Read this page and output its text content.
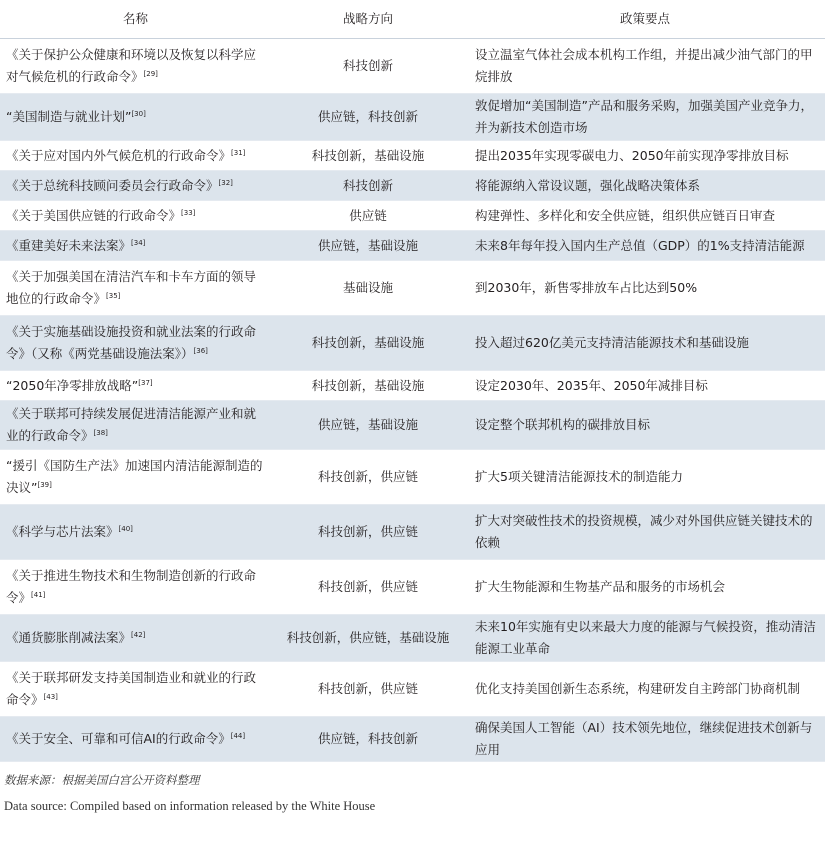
名称	战略方向	政策要点
《关于保护公众健康和环境以及恢复以科学应对气候危机的行政命令》[29]	科技创新	设立温室气体社会成本机构工作组，并提出减少油气部门的甲烷排放
“美国制造与就业计划”[30]	供应链，科技创新	敦促增加“美国制造”产品和服务采购，加强美国产业竞争力，并为新技术创造市场
《关于应对国内外气候危机的行政命令》[31]	科技创新，基础设施	提出2035年实现零碳电力、2050年前实现净零排放目标
《关于总统科技顾问委员会行政命令》[32]	科技创新	将能源纳入常设议题，强化战略决策体系
《关于美国供应链的行政命令》[33]	供应链	构建弹性、多样化和安全供应链，组织供应链百日审查
《重建美好未来法案》[34]	供应链，基础设施	未来8年每年投入国内生产总值（GDP）的1%支持清洁能源
《关于加强美国在清洁汽车和卡车方面的领导地位的行政命令》[35]	基础设施	到2030年，新售零排放车占比达到50%
《关于实施基础设施投资和就业法案的行政命令》（又称《两党基础设施法案》）[36]	科技创新，基础设施	投入超过620亿美元支持清洁能源技术和基础设施
“2050年净零排放战略”[37]	科技创新，基础设施	设定2030年、2035年、2050年减排目标
《关于联邦可持续发展促进清洁能源产业和就业的行政命令》[38]	供应链，基础设施	设定整个联邦机构的碳排放目标
“援引《国防生产法》加速国内清洁能源制造的决议”[39]	科技创新，供应链	扩大5项关键清洁能源技术的制造能力
《科学与芯片法案》[40]	科技创新，供应链	扩大对突破性技术的投资规模，减少对外国供应链关键技术的依赖
《关于推进生物技术和生物制造创新的行政命令》[41]	科技创新，供应链	扩大生物能源和生物基产品和服务的市场机会
《通货膨胀削减法案》[42]	科技创新，供应链，基础设施	未来10年实施有史以来最大力度的能源与气候投资，推动清洁能源工业革命
《关于联邦研发支持美国制造业和就业的行政命令》[43]	科技创新，供应链	优化支持美国创新生态系统，构建研发自主跨部门协商机制
《关于安全、可靠和可信AI的行政命令》[44]	供应链，科技创新	确保美国人工智能（AI）技术领先地位，继续促进技术创新与应用
数据来源：根据美国白宫公开资料整理
Data source: Compiled based on information released by the White House
